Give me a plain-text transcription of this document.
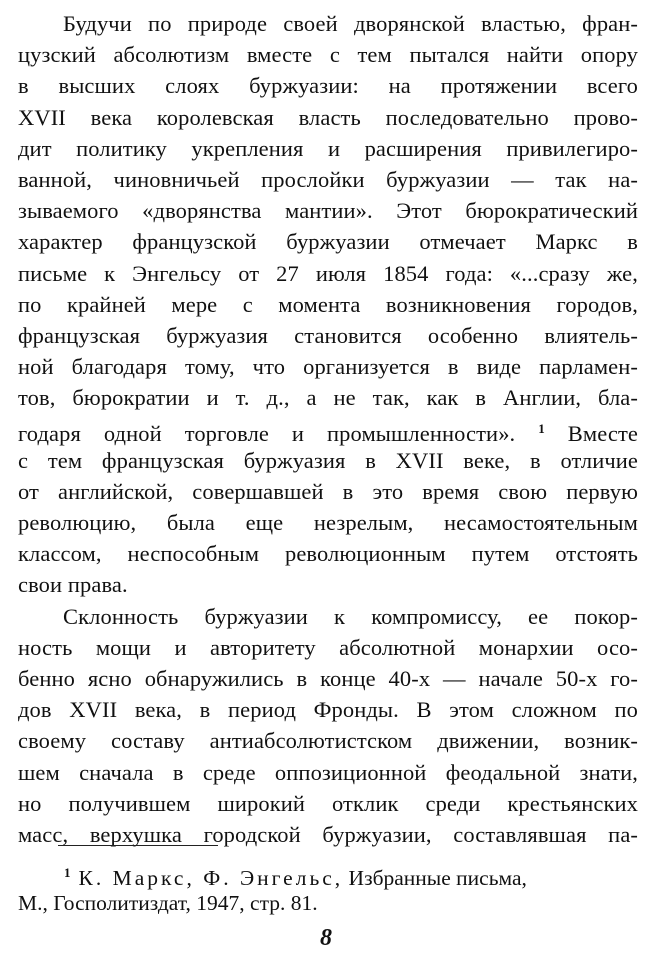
Будучи по природе своей дворянской властью, фран-
цузский абсолютизм вместе с тем пытался найти опору
в высших слоях буржуазии: на протяжении всего
XVII века королевская власть последовательно прово-
дит политику укрепления и расширения привилегиро-
ванной, чиновничьей прослойки буржуазии — так на-
зываемого «дворянства мантии». Этот бюрократический
характер французской буржуазии отмечает Маркс в
письме к Энгельсу от 27 июля 1854 года: «...сразу же,
по крайней мере с момента возникновения городов,
французская буржуазия становится особенно влиятель-
ной благодаря тому, что организуется в виде парламен-
тов, бюрократии и т. д., а не так, как в Англии, бла-
годаря одной торговле и промышленности». $^1$ Вместе
с тем французская буржуазия в XVII веке, в отличие
от английской, совершавшей в это время свою первую
революцию, была еще незрелым, несамостоятельным
классом, неспособным революционным путем отстоять
свои права.
Склонность буржуазии к компромиссу, ее покор-
ность мощи и авторитету абсолютной монархии осо-
бенно ясно обнаружились в конце 40-х — начале 50-х го-
дов XVII века, в период Фронды. В этом сложном по
своему составу антиабсолютистском движении, возник-
шем сначала в среде оппозиционной феодальной знати,
но получившем широкий отклик среди крестьянских
масс, верхушка городской буржуазии, составлявшая па-
$^1$ К. Маркс, Ф. Энгельс, Избранные письма,
М., Госполитиздат, 1947, стр. 81.
8
